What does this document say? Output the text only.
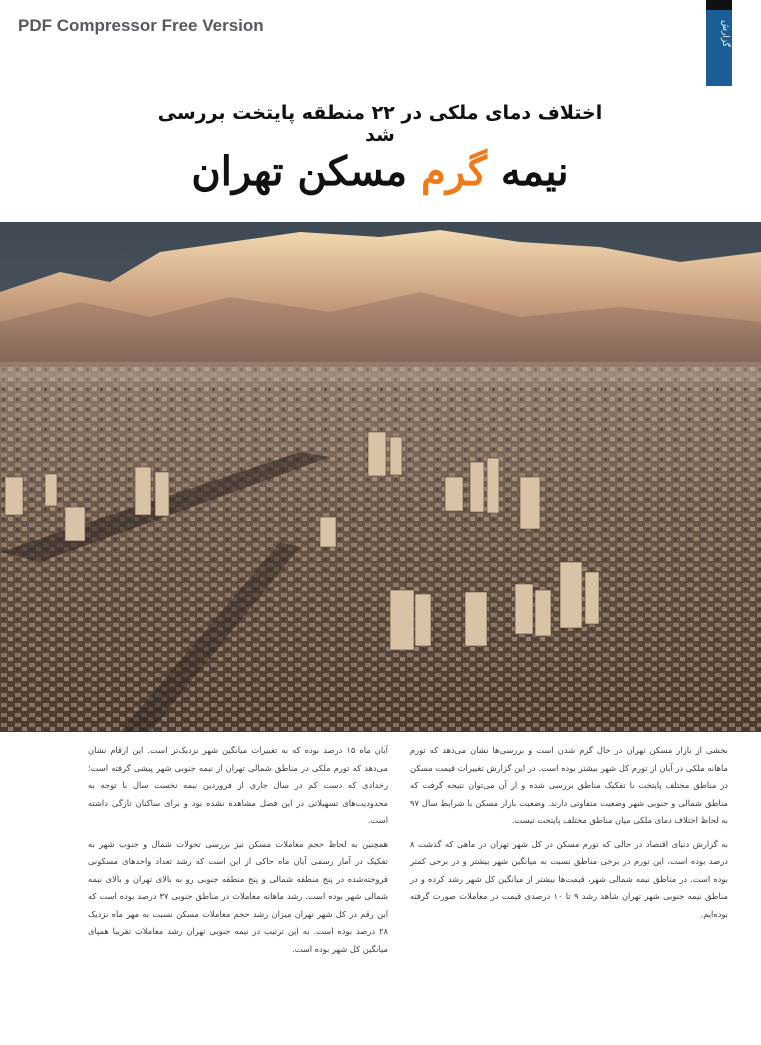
PDF Compressor Free Version	گزارش
اختلاف دمای ملکی در ۲۲ منطقه پایتخت بررسی شد
نیمه گرم مسکن تهران

بخشی از بازار مسکن تهران در حال گرم شدن است و بررسی‌ها نشان می‌دهد که تورم ماهانه ملکی در آبان از تورم کل شهر بیشتر بوده است. در این گزارش تغییرات قیمت مسکن در مناطق مختلف پایتخت با تفکیک مناطق بررسی شده و از آن می‌توان نتیجه گرفت که مناطق شمالی و جنوبی شهر وضعیت متفاوتی دارند. وضعیت بازار مسکن با شرایط سال ۹۷ به لحاظ اختلاف دمای ملکی میان مناطق مختلف پایتخت نیست.

به گزارش دنیای اقتصاد در حالی که تورم مسکن در کل شهر تهران در ماهی که گذشت ۸ درصد بوده است، این تورم در برخی مناطق نسبت به میانگین شهر بیشتر و در برخی کمتر بوده است. در مناطق نیمه شمالی شهر، قیمت‌ها بیشتر از میانگین کل شهر رشد کرده و در مناطق نیمه جنوبی شهر تهران شاهد رشد ۹ تا ۱۰ درصدی قیمت در معاملات صورت گرفته بوده‌ایم.

آبان ماه ۱۵ درصد بوده که به تغییرات میانگین شهر نزدیک‌تر است. این ارقام نشان می‌دهد که تورم ملکی در مناطق شمالی تهران از نیمه جنوبی شهر پیشی گرفته است؛ رخدادی که دست کم در سال جاری از فروردین نیمه نخست سال با توجه به محدودیت‌های تسهیلاتی در این فصل مشاهده نشده بود و برای ساکنان تازگی داشته است.

همچنین به لحاظ حجم معاملات مسکن نیز بررسی تحولات شمال و جنوب شهر به تفکیک در آمار رسمی آبان ماه حاکی از این است که رشد تعداد واحدهای مسکونی فروخته‌شده در پنج منطقه شمالی و پنج منطقه جنوبی رو به بالای تهران و بالای نیمه شمالی شهر بوده است. رشد ماهانه معاملات در مناطق جنوبی ۳۷ درصد بوده است که این رقم در کل شهر تهران میزان رشد حجم معاملات مسکن نسبت به مهر ماه نزدیک ۲۸ درصد بوده است. به این ترتیب در نیمه جنوبی تهران رشد معاملات تقریبا همپای میانگین کل شهر بوده است.
